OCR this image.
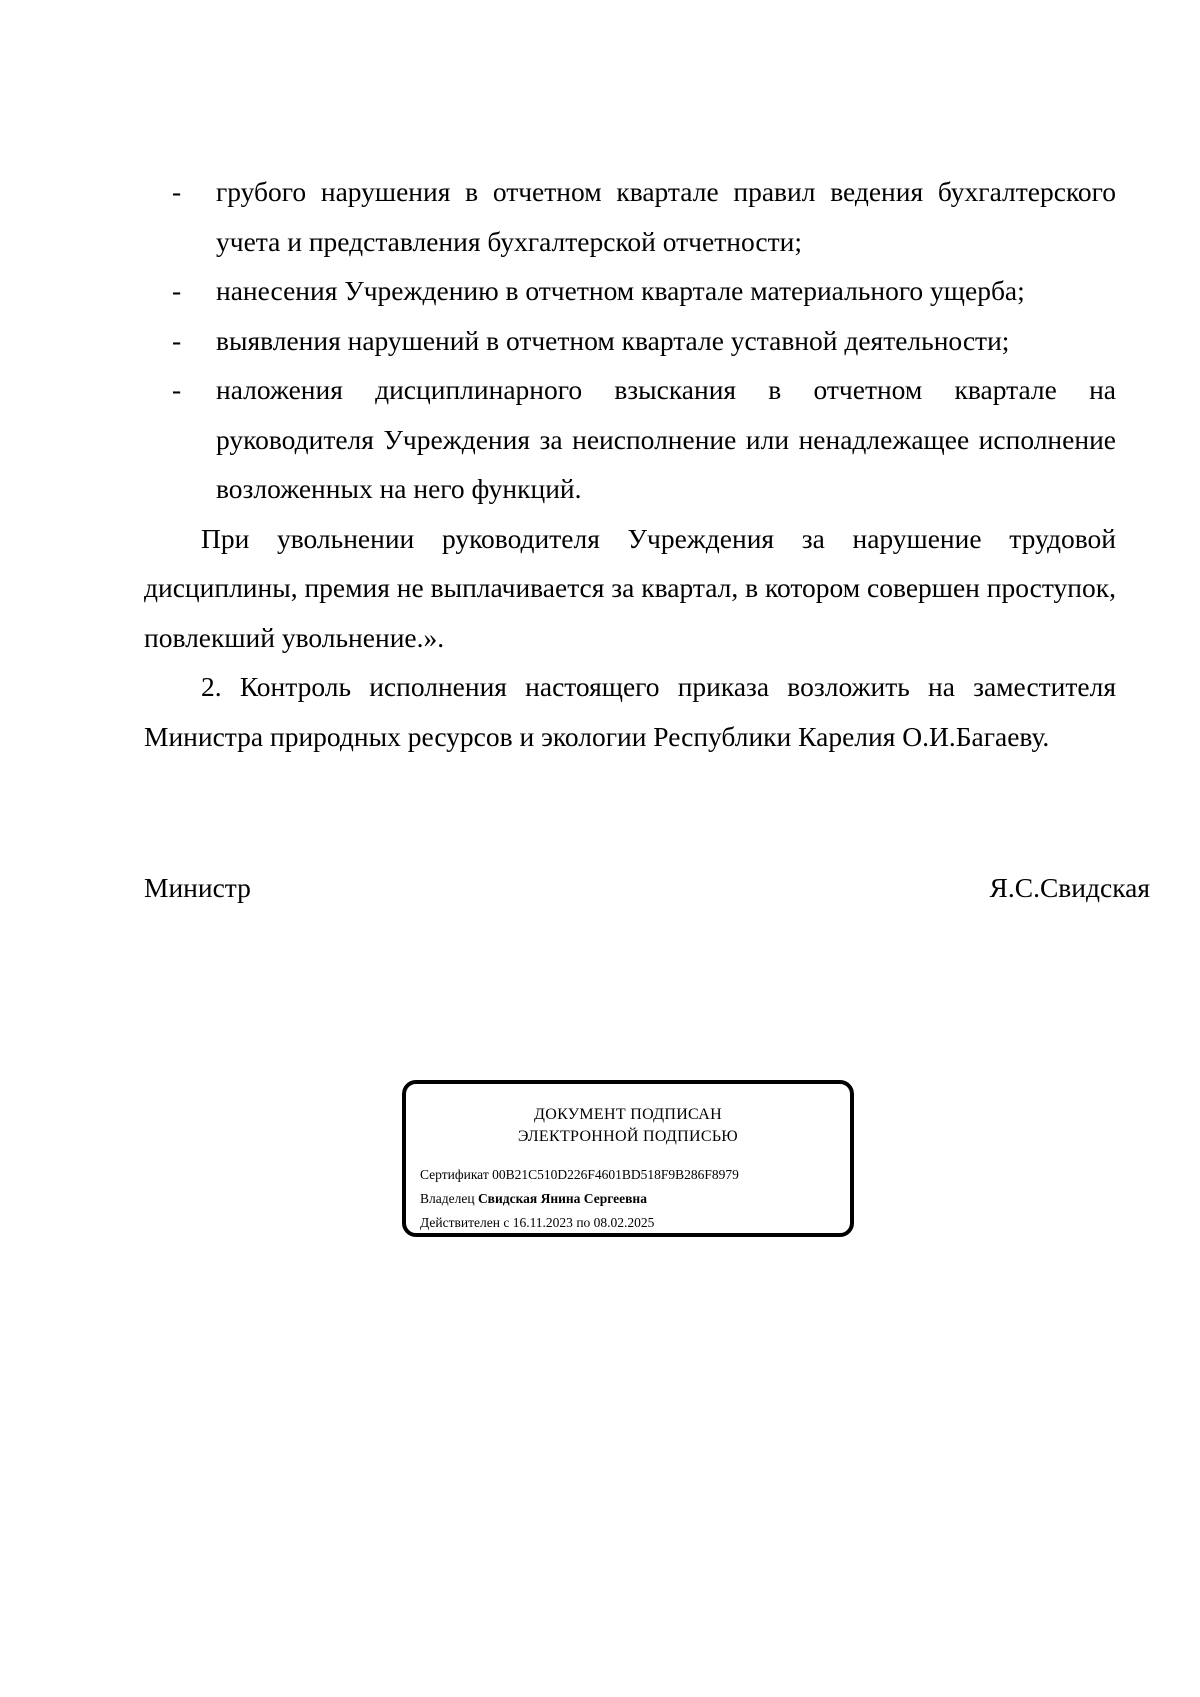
- грубого нарушения в отчетном квартале правил ведения бухгалтерского учета и представления бухгалтерской отчетности;

- нанесения Учреждению в отчетном квартале материального ущерба;

- выявления нарушений в отчетном квартале уставной деятельности;

- наложения дисциплинарного взыскания в отчетном квартале на руководителя Учреждения за неисполнение или ненадлежащее исполнение возложенных на него функций.

При увольнении руководителя Учреждения за нарушение трудовой дисциплины, премия не выплачивается за квартал, в котором совершен проступок, повлекший увольнение.».

2. Контроль исполнения настоящего приказа возложить на заместителя Министра природных ресурсов и экологии Республики Карелия О.И.Багаеву.

Министр	Я.С.Свидская
ДОКУМЕНТ ПОДПИСАН
ЭЛЕКТРОННОЙ ПОДПИСЬЮ
Сертификат 00B21C510D226F4601BD518F9B286F8979
Владелец Свидская Янина Сергеевна
Действителен с 16.11.2023 по 08.02.2025
